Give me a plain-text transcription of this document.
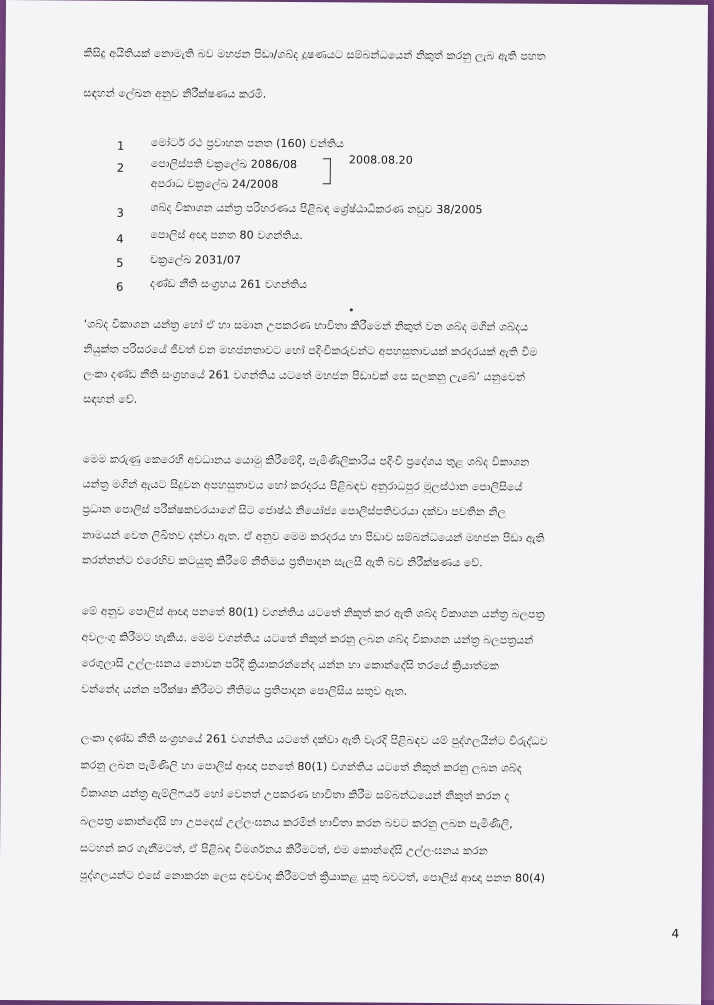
කිසිදු අයිතියක් නොමැති බව මහජන පිඩා/ශබ්ද දූෂණයට සම්බන්ධයෙන් නිකුත් කරනු ලැබ ඇති පහත
සඳහන් ලේඛන අනුව නිරීක්ෂණය කරමි.
1 මෝටර් රථ ප්‍රවාහන පනත (160) වන්තිය
2 පොලිස්පති චක්‍රලේඛ 2086/08
අපරාධ චක්‍රලේඛ 24/2008
2008.08.20
3 ශබ්ද විකාශන යන්ත්‍ර පරිහරණය පිළිබඳ ශ්‍රේෂ්ඨාධිකරණ නඩුව 38/2005
4 පොලිස් අඥා පනත 80 වගන්තිය.
5 චක්‍රලේඛ 2031/07
6 දණ්ඩ නීති සංග්‍රහය 261 වගන්තිය
‘ශබ්ද විකාශන යන්ත්‍ර හෝ ඒ හා සමාන උපකරණ භාවිතා කිරීමෙන් නිකුත් වන ශබ්ද මගින් ශබ්දය
නියුක්ත පරිසරයේ ජීවත් වන මහජනතාවට හෝ පදිංචිකරුවන්ට අපහසුතාවයක් කරදරයක් ඇති වීම
ලංකා දණ්ඩ නීති සංග්‍රහයේ 261 වගන්තිය යටතේ මහජන පිඩාවක් සෙ සලකනු ලැබේ’ යනුවෙන්
සඳහන් වේ.
මෙම කරුණු කෙරෙහි අවධානය යොමු කිරීමේදී, පැමිණිලිකාරිය පදිංචි ප්‍රදේශය තුළ ශබ්ද විකාශන
යන්ත්‍ර මගින් ඇයට සිදුවන අපහසුතාවය හෝ කරදරය පිළිබඳව අනුරාධපුර මූලස්ථාන පොලිසියේ
ප්‍රධාන පොලිස් පරීක්ෂකවරයාගේ සිට ජොෂ්ඨ නියෝජ්‍ය පොලිස්පතිවරයා දක්වා පවතින නිල
නාමයන් වෙත ලිඛිතව දන්වා ඇත. ඒ අනුව මෙම කරදරය හා පිඩාව සම්බන්ධයෙන් මහජන පිඩා ඇති
කරන්නන්ට එරෙහිව කටයුතු කිරීමේ නීතිමය ප්‍රතිපාදන සැලසී ඇති බව නිරීක්ෂණය වේ.
මේ අනුව පොලිස් ආඥා පනතේ 80(1) වගන්තිය යටතේ නිකුත් කර ඇති ශබ්ද විකාශන යන්ත්‍ර බලපත්‍ර
අවලංගු කිරීමට හැකිය. මෙම වගන්තිය යටතේ නිකුත් කරනු ලබන ශබ්ද විකාශන යන්ත්‍ර බලපත්‍රයන්
රෙගුලාසි උල්ලංඝනය නොවන පරිදි ක්‍රියාකරන්නේද යන්න හා කොන්දේසි තරයේ ක්‍රියාත්මක
වන්නේද යන්න පරීක්ෂා කිරීමට නීතිමය ප්‍රතිපාදන පොලිසිය සතුව ඇත.
ලංකා දණ්ඩ නීති සංග්‍රහයේ 261 වගන්තිය යටතේ දක්වා ඇති වැරදි පිළිබඳව යම් පුද්ගලයින්ට විරුද්ධව
කරනු ලබන පැමිණිලි හා පොලිස් ආඥා පනතේ 80(1) වගන්තිය යටතේ නිකුත් කරනු ලබන ශබ්ද
විකාශන යන්ත්‍ර ඇම්ලිෆයර් හෝ වෙනත් උපකරණ භාවිතා කිරීම සම්බන්ධයෙන් නිකුත් කරන ද
බලපත්‍ර කොන්දේසි හා උපදෙස් උල්ලංඝනය කරමින් භාවිතා කරන බවට කරනු ලබන පැමිණිලි,
සටහන් කර ගැනීමටත්, ඒ පිළිබඳ විමර්ශනය කිරීමටත්, එම කොන්දේසි උල්ලංඝනය කරන
පුද්ගලයන්ට එසේ නොකරන ලෙස අවවාද කිරීමටත් ක්‍රියාකළ යුතු බවටත්, පොලිස් ආඥා පනත 80(4)
4
